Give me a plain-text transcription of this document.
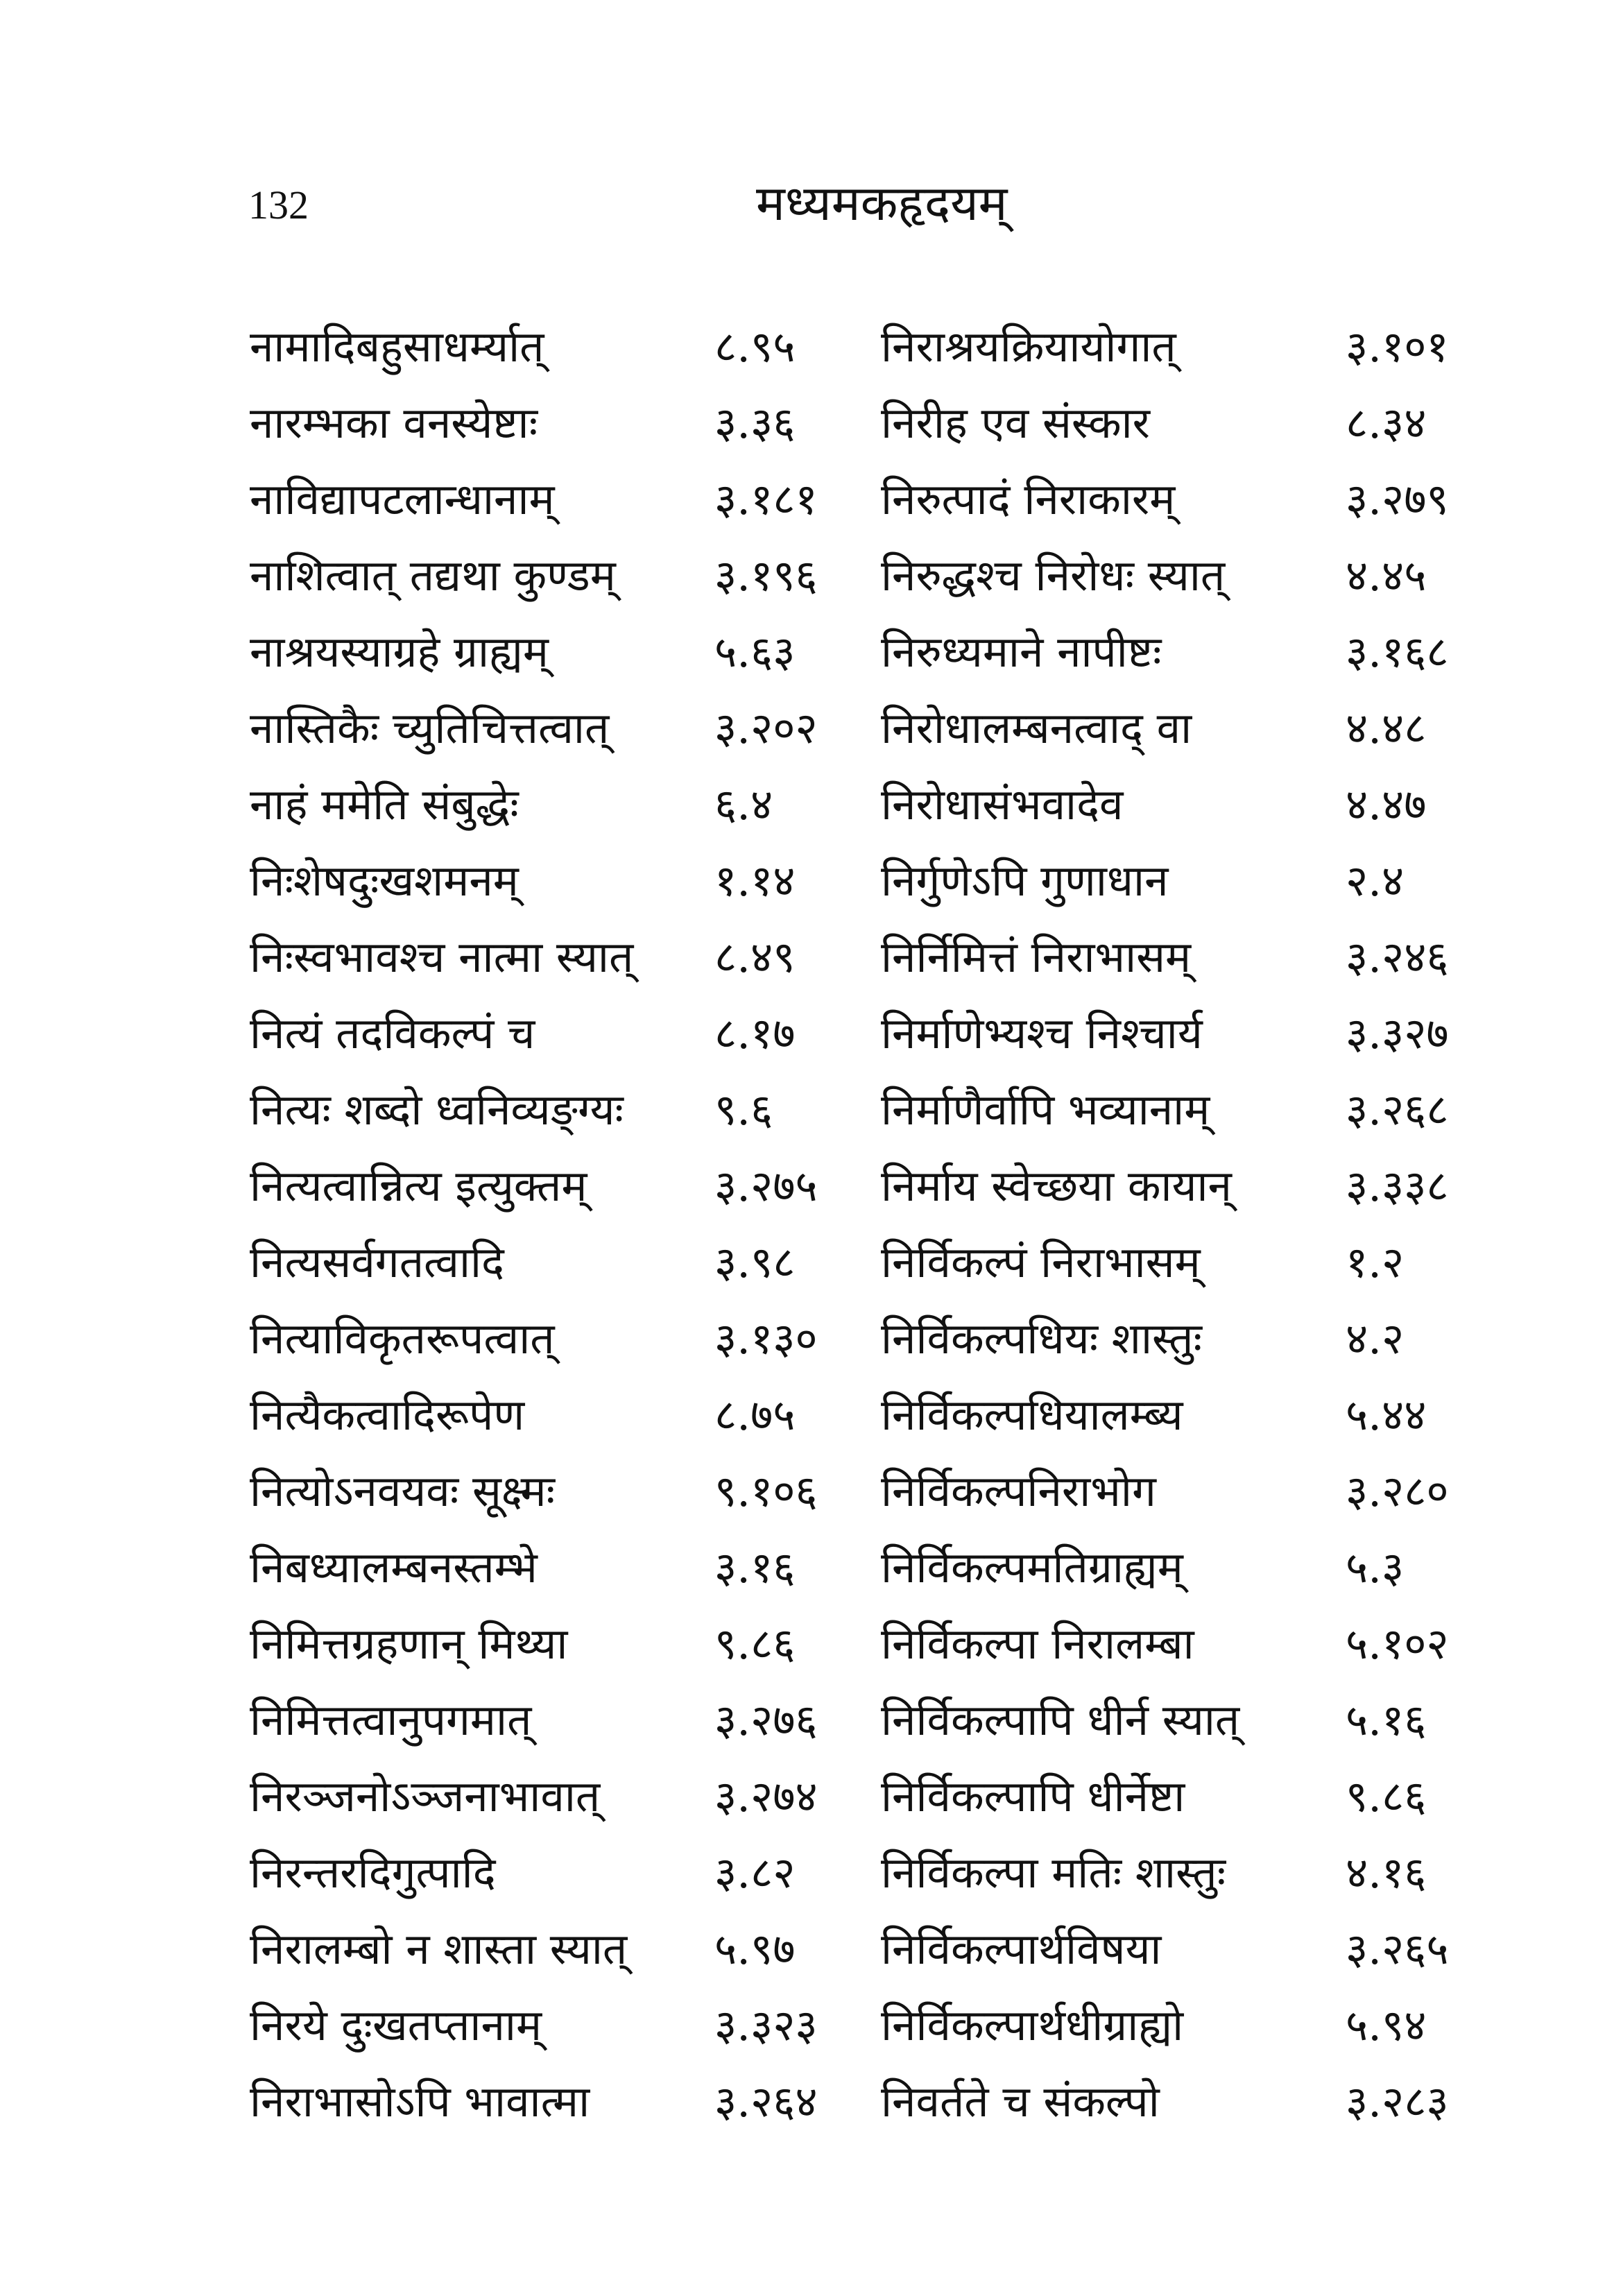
132	मध्यमकहृदयम्
नामादिबहुसाधर्म्यात्	८.९५ निराश्रयक्रियायोगात्	३.१०१
नारम्भका वनस्येष्टाः	३.३६ निरीह एव संस्कार	८.३४
नाविद्यापटलान्धानाम्	३.१८१ निरुत्पादं निराकारम्	३.२७९
नाशित्वात् तद्यथा कुण्डम् ३.१९६ निरुद्धश्च निरोधः स्यात्	४.४५
नाश्रयस्याग्रहे ग्राह्यम्	५.६३ निरुध्यमाने नापीष्टः	३.१६८
नास्तिकैः च्युतिचित्तत्वात् ३.२०२ निरोधालम्बनत्वाद् वा	४.४८
नाहं ममेति संबुद्धेः	६.४	निरोधासंभवादेव	४.४७
निःशेषदुःखशमनम्	१.१४ निर्गुणेऽपि गुणाधान	२.४
निःस्वभावश्च नात्मा स्यात् ८.४९ निर्निमित्तं निराभासम्	३.२४६
नित्यं तदविकल्पं च	८.१७ निर्माणेभ्यश्च निश्चार्य	३.३२७
नित्यः शब्दो ध्वनिव्यङ्ग्यः ९.६	निर्माणैर्वापि भव्यानाम्	३.२६८
नित्यत्वान्नित्य इत्युक्तम्	३.२७५ निर्माय स्वेच्छया कायान्	३.३३८
नित्यसर्वगतत्वादि	३.९८ निर्विकल्पं निराभासम्	१.२
नित्याविकृतरूपत्वात्	३.१३० निर्विकल्पधियः शास्तुः	४.२
नित्यैकत्वादिरूपेण	८.७५ निर्विकल्पधियालम्ब्य	५.४४
नित्योऽनवयवः सूक्ष्मः	९.१०६ निर्विकल्पनिराभोग	३.२८०
निबध्यालम्बनस्तम्भे	३.१६ निर्विकल्पमतिग्राह्यम्	५.३
निमित्तग्रहणान् मिथ्या	९.८६ निर्विकल्पा निरालम्बा	५.१०२
निमित्तत्वानुपगमात्	३.२७६ निर्विकल्पापि धीर्न स्यात् ५.१६
निरञ्जनोऽञ्जनाभावात्	३.२७४ निर्विकल्पापि धीर्नेष्टा	९.८६
निरन्तरदिगुत्पादि	३.८२ निर्विकल्पा मतिः शास्तुः	४.१६
निरालम्बो न शास्ता स्यात् ५.९७ निर्विकल्पार्थविषया	३.२६५
निरये दुःखतप्तानाम्	३.३२३ निर्विकल्पार्थधीग्राह्यो	५.९४
निराभासोऽपि भावात्मा	३.२६४ निवर्तते च संकल्पो	३.२८३
